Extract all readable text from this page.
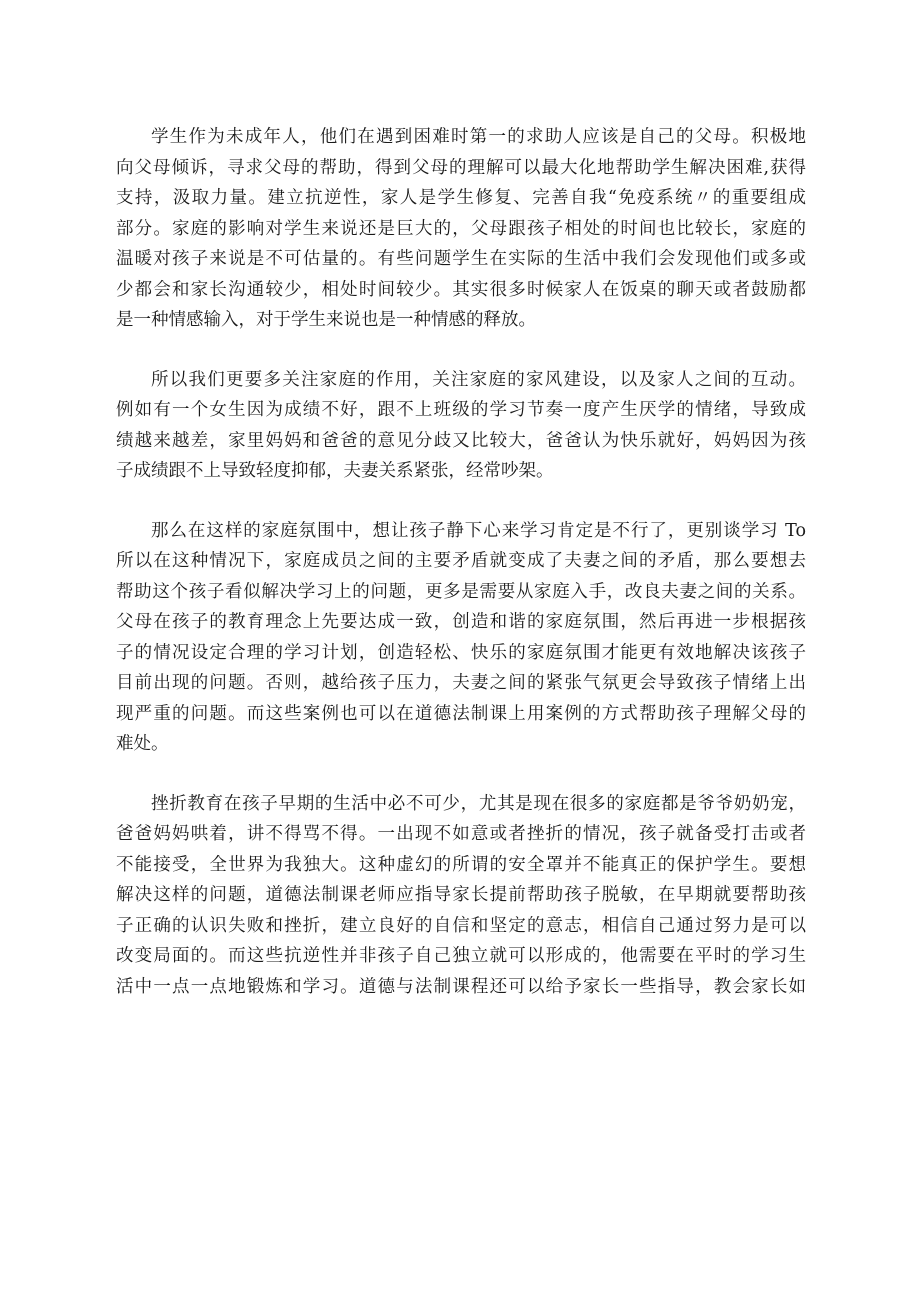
学生作为未成年人，他们在遇到困难时第一的求助人应该是自己的父母。积极地
向父母倾诉，寻求父母的帮助，得到父母的理解可以最大化地帮助学生解决困难,获得
支持，汲取力量。建立抗逆性，家人是学生修复、完善自我“免疫系统〃的重要组成
部分。家庭的影响对学生来说还是巨大的，父母跟孩子相处的时间也比较长，家庭的
温暖对孩子来说是不可估量的。有些问题学生在实际的生活中我们会发现他们或多或
少都会和家长沟通较少，相处时间较少。其实很多时候家人在饭桌的聊天或者鼓励都
是一种情感输入，对于学生来说也是一种情感的释放。
所以我们更要多关注家庭的作用，关注家庭的家风建设，以及家人之间的互动。
例如有一个女生因为成绩不好，跟不上班级的学习节奏一度产生厌学的情绪，导致成
绩越来越差，家里妈妈和爸爸的意见分歧又比较大，爸爸认为快乐就好，妈妈因为孩
子成绩跟不上导致轻度抑郁，夫妻关系紧张，经常吵架。
那么在这样的家庭氛围中，想让孩子静下心来学习肯定是不行了，更别谈学习 To
所以在这种情况下，家庭成员之间的主要矛盾就变成了夫妻之间的矛盾，那么要想去
帮助这个孩子看似解决学习上的问题，更多是需要从家庭入手，改良夫妻之间的关系。
父母在孩子的教育理念上先要达成一致，创造和谐的家庭氛围，然后再进一步根据孩
子的情况设定合理的学习计划，创造轻松、快乐的家庭氛围才能更有效地解决该孩子
目前出现的问题。否则，越给孩子压力，夫妻之间的紧张气氛更会导致孩子情绪上出
现严重的问题。而这些案例也可以在道德法制课上用案例的方式帮助孩子理解父母的
难处。
挫折教育在孩子早期的生活中必不可少，尤其是现在很多的家庭都是爷爷奶奶宠，
爸爸妈妈哄着，讲不得骂不得。一出现不如意或者挫折的情况，孩子就备受打击或者
不能接受，全世界为我独大。这种虚幻的所谓的安全罩并不能真正的保护学生。要想
解决这样的问题，道德法制课老师应指导家长提前帮助孩子脱敏，在早期就要帮助孩
子正确的认识失败和挫折，建立良好的自信和坚定的意志，相信自己通过努力是可以
改变局面的。而这些抗逆性并非孩子自己独立就可以形成的，他需要在平时的学习生
活中一点一点地锻炼和学习。道德与法制课程还可以给予家长一些指导，教会家长如
